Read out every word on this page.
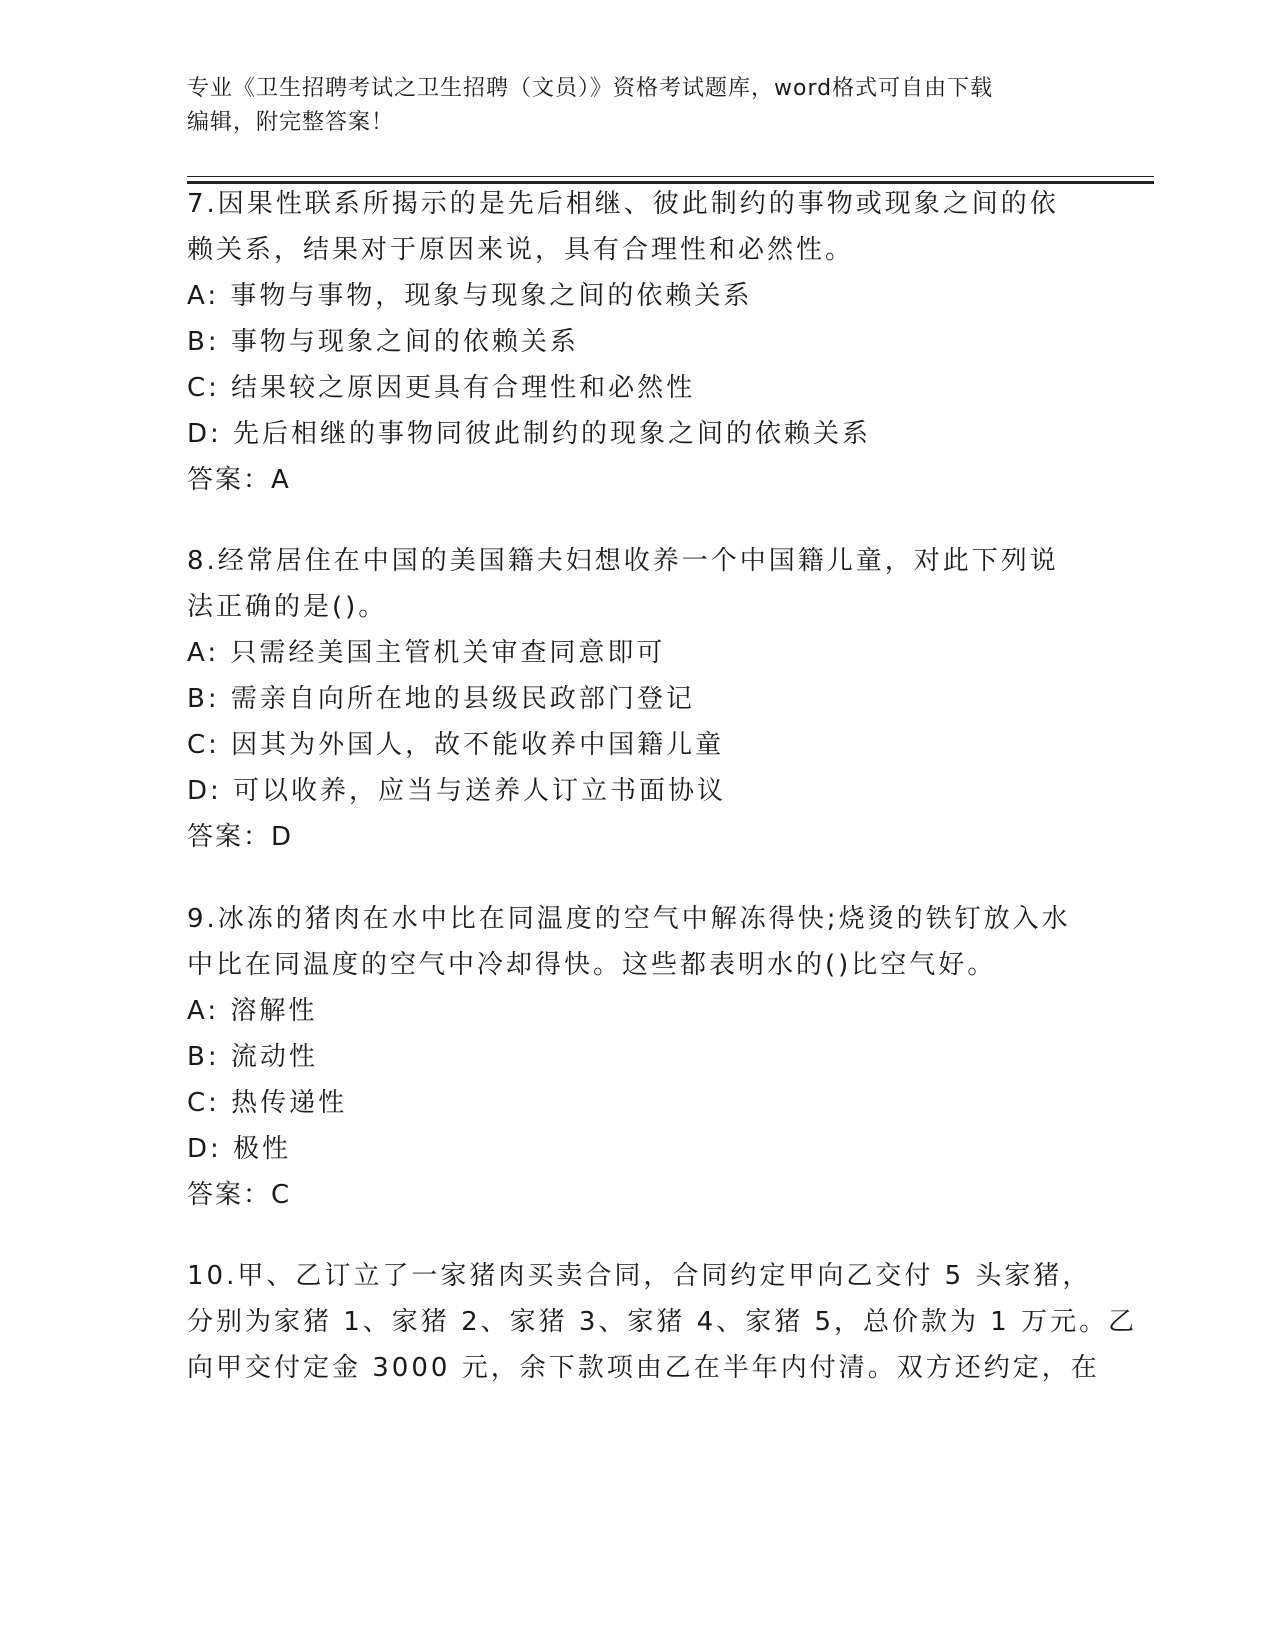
专业《卫生招聘考试之卫生招聘（文员）》资格考试题库，word格式可自由下载
编辑，附完整答案！
7.因果性联系所揭示的是先后相继、彼此制约的事物或现象之间的依
赖关系，结果对于原因来说，具有合理性和必然性。
A: 事物与事物，现象与现象之间的依赖关系
B: 事物与现象之间的依赖关系
C: 结果较之原因更具有合理性和必然性
D: 先后相继的事物同彼此制约的现象之间的依赖关系
答案：A
8.经常居住在中国的美国籍夫妇想收养一个中国籍儿童，对此下列说
法正确的是()。
A: 只需经美国主管机关审查同意即可
B: 需亲自向所在地的县级民政部门登记
C: 因其为外国人，故不能收养中国籍儿童
D: 可以收养，应当与送养人订立书面协议
答案：D
9.冰冻的猪肉在水中比在同温度的空气中解冻得快;烧烫的铁钉放入水
中比在同温度的空气中冷却得快。这些都表明水的()比空气好。
A: 溶解性
B: 流动性
C: 热传递性
D: 极性
答案：C
10.甲、乙订立了一家猪肉买卖合同，合同约定甲向乙交付 5 头家猪，
分别为家猪 1、家猪 2、家猪 3、家猪 4、家猪 5，总价款为 1 万元。乙
向甲交付定金 3000 元，余下款项由乙在半年内付清。双方还约定，在
